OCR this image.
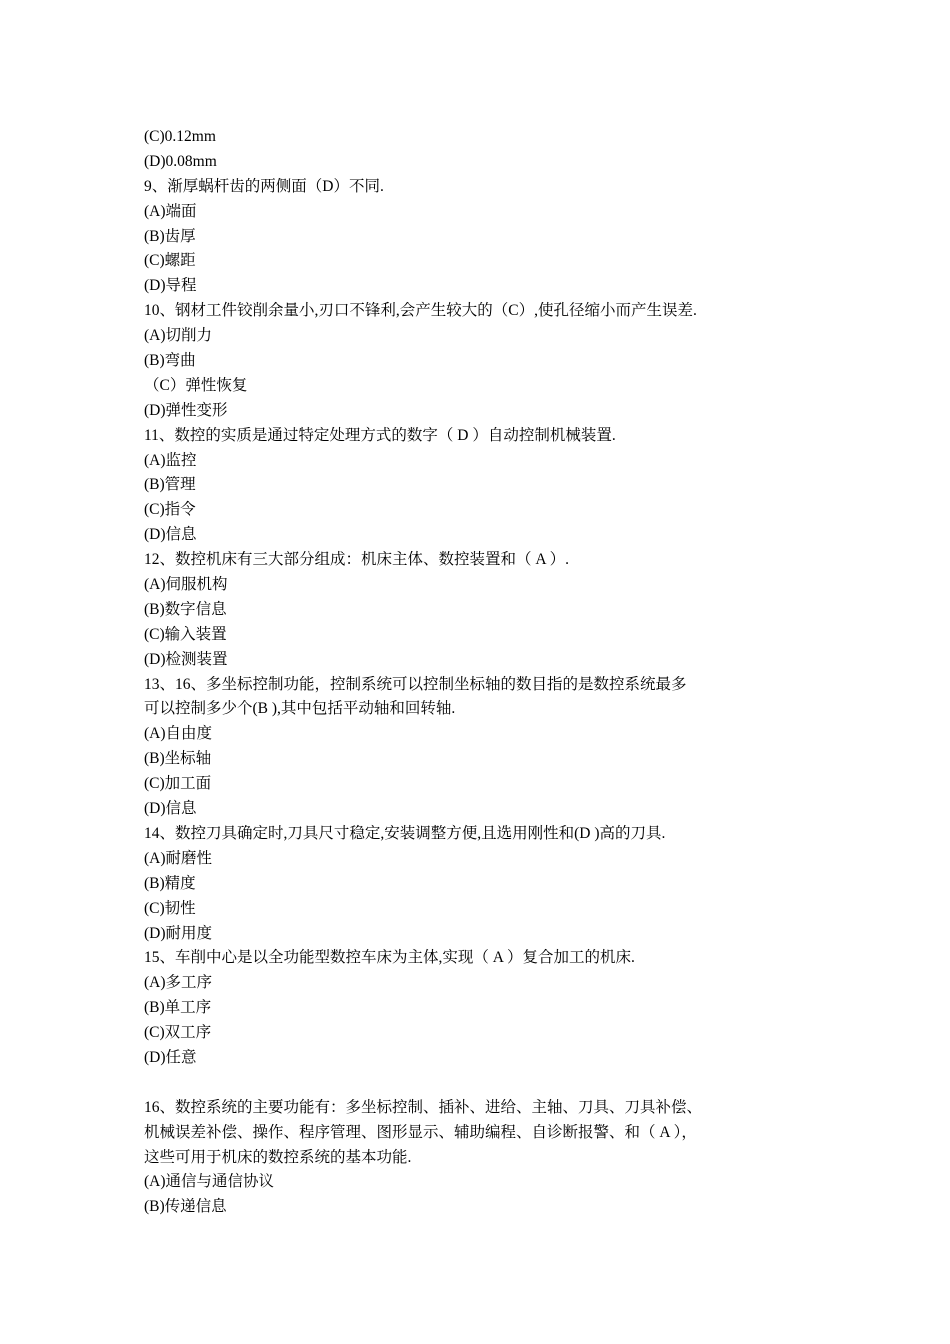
(C)0.12mm
(D)0.08mm
9、渐厚蜗杆齿的两侧面（D）不同.
(A)端面
(B)齿厚
(C)螺距
(D)导程
10、钢材工件铰削余量小,刃口不锋利,会产生较大的（C）,使孔径缩小而产生误差.
(A)切削力
(B)弯曲
（C）弹性恢复
(D)弹性变形
11、数控的实质是通过特定处理方式的数字（ D ）自动控制机械装置.
(A)监控
(B)管理
(C)指令
(D)信息
12、数控机床有三大部分组成：机床主体、数控装置和（ A ）.
(A)伺服机构
(B)数字信息
(C)输入装置
(D)检测装置
13、16、多坐标控制功能，控制系统可以控制坐标轴的数目指的是数控系统最多
可以控制多少个(B ),其中包括平动轴和回转轴.
(A)自由度
(B)坐标轴
(C)加工面
(D)信息
14、数控刀具确定时,刀具尺寸稳定,安装调整方便,且选用刚性和(D )高的刀具.
(A)耐磨性
(B)精度
(C)韧性
(D)耐用度
15、车削中心是以全功能型数控车床为主体,实现（ A ）复合加工的机床.
(A)多工序
(B)单工序
(C)双工序
(D)任意
16、数控系统的主要功能有：多坐标控制、插补、进给、主轴、刀具、刀具补偿、
机械误差补偿、操作、程序管理、图形显示、辅助编程、自诊断报警、和（ A ），
这些可用于机床的数控系统的基本功能.
(A)通信与通信协议
(B)传递信息
